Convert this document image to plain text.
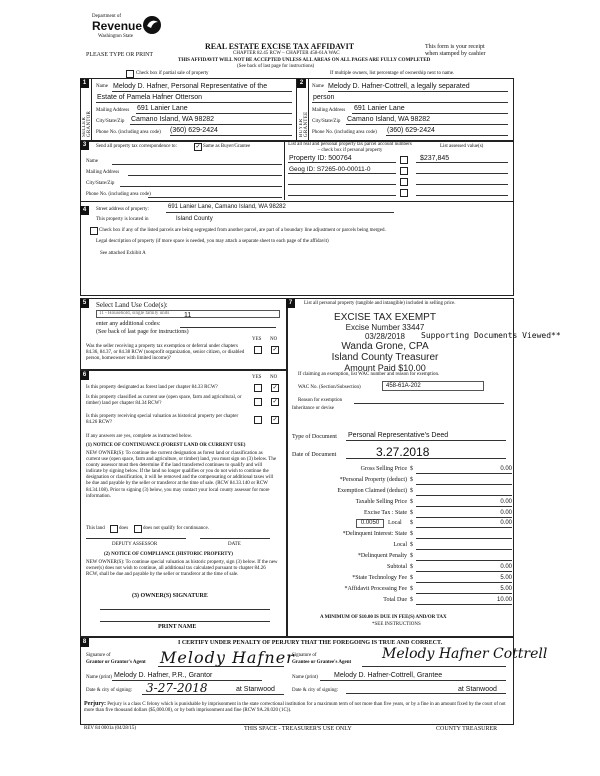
Department of
Revenue
Washington State
REAL ESTATE EXCISE TAX AFFIDAVIT
CHAPTER 82.45 RCW – CHAPTER 458-61A WAC
THIS AFFIDAVIT WILL NOT BE ACCEPTED UNLESS ALL AREAS ON ALL PAGES ARE FULLY COMPLETED
(See back of last page for instructions)
This form is your receipt
when stamped by cashier
PLEASE TYPE OR PRINT
Check box if partial sale of property	If multiple owners, list percentage of ownership next to name.
1
SELLER GRANTOR
Name Melody D. Hafner, Personal Representative of the
Estate of Pamela Hafner Otterson
Mailing Address 691 Lanier Lane
City/State/Zip Camano Island, WA 98282
Phone No. (including area code) (360) 629-2424
2
BUYER GRANTEE
Name Melody D. Hafner-Cottrell, a legally separated
person
Mailing Address 691 Lanier Lane
City/State/Zip Camano Island, WA 98282
Phone No. (including area code) (360) 629-2424
3	Send all property tax correspondence to:	✓ Same as Buyer/Grantee
Name
Mailing Address
City/State/Zip
Phone No. (including area code)
List all real and personal property tax parcel account numbers – check box if personal property
List assessed value(s)
Property ID: 500764	$237,845
Geog ID: S7265-00-00011-0
4	Street address of property:	691 Lanier Lane, Camano Island, WA 98282
This property is located in	Island County
Check box if any of the listed parcels are being segregated from another parcel, are part of a boundary line adjustment or parcels being merged.
Legal description of property (if more space is needed, you may attach a separate sheet to each page of the affidavit)
See attached Exhibit A
5	Select Land Use Code(s):
11 - Household, single family units	11
enter any additional codes:
(See back of last page for instructions)
YES NO
Was the seller receiving a property tax exemption or deferral under chapters 84.36, 84.37, or 84.38 RCW (nonprofit organization, senior citizen, or disabled person, homeowner with limited income)?
✓
6	YES NO
Is this property designated as forest land per chapter 84.33 RCW?	✓
Is this property classified as current use (open space, farm and agricultural, or timber) land per chapter 84.34 RCW?	✓
Is this property receiving special valuation as historical property per chapter 84.26 RCW?	✓
If any answers are yes, complete as instructed below.
(1) NOTICE OF CONTINUANCE (FOREST LAND OR CURRENT USE)
NEW OWNER(S): To continue the current designation as forest land or classification as current use (open space, farm and agriculture, or timber) land, you must sign on (3) below. The county assessor must then determine if the land transferred continues to qualify and will indicate by signing below. If the land no longer qualifies or you do not wish to continue the designation or classification, it will be removed and the compensating or additional taxes will be due and payable by the seller or transferor at the time of sale. (RCW 84.33.140 or RCW 84.34.108). Prior to signing (3) below, you may contact your local county assessor for more information.
This land	does	does not qualify for continuance.
DEPUTY ASSESSOR	DATE
(2) NOTICE OF COMPLIANCE (HISTORIC PROPERTY)
NEW OWNER(S): To continue special valuation as historic property, sign (3) below. If the new owner(s) does not wish to continue, all additional tax calculated pursuant to chapter 84.26 RCW, shall be due and payable by the seller or transferor at the time of sale.
(3) OWNER(S) SIGNATURE
PRINT NAME
7	List all personal property (tangible and intangible) included in selling price.
EXCISE TAX EXEMPT
Excise Number 33447
03/28/2018
Wanda Grone, CPA
Island County Treasurer
Amount Paid $10.00
Supporting Documents Viewed**
If claiming an exemption, list WAC number and reason for exemption.
WAC No. (Section/Subsection)	458-61A-202
Reason for exemption
Inheritance or devise
Type of Document Personal Representative's Deed
Date of Document	3.27.2018
Gross Selling Price $	0.00
*Personal Property (deduct) $
Exemption Claimed (deduct) $
Taxable Selling Price $	0.00
Excise Tax : State $	0.00
0.0050	Local $	0.00
*Delinquent Interest: State $
Local $
*Delinquent Penalty $
Subtotal $	0.00
*State Technology Fee $	5.00
*Affidavit Processing Fee $	5.00
Total Due $	10.00
A MINIMUM OF $10.00 IS DUE IN FEE(S) AND/OR TAX
*SEE INSTRUCTIONS
8	I CERTIFY UNDER PENALTY OF PERJURY THAT THE FOREGOING IS TRUE AND CORRECT.
Signature of
Grantor or Grantor's Agent Melody Hafner
Name (print) Melody D. Hafner, P.R., Grantor
Date & city of signing: 3-27-2018	at Stanwood
Signature of
Grantee or Grantee's Agent
Melody Hafner Cottrell
Name (print) Melody D. Hafner-Cottrell, Grantee
Date & city of signing:	at Stanwood
Perjury: Perjury is a class C felony which is punishable by imprisonment in the state correctional institution for a maximum term of not more than five years, or by a fine in an amount fixed by the court of not more than five thousand dollars ($5,000.00), or by both imprisonment and fine (RCW 9A.20.020 (1C)).
REV 84 0001a (04/28/15)	THIS SPACE - TREASURER'S USE ONLY	COUNTY TREASURER
